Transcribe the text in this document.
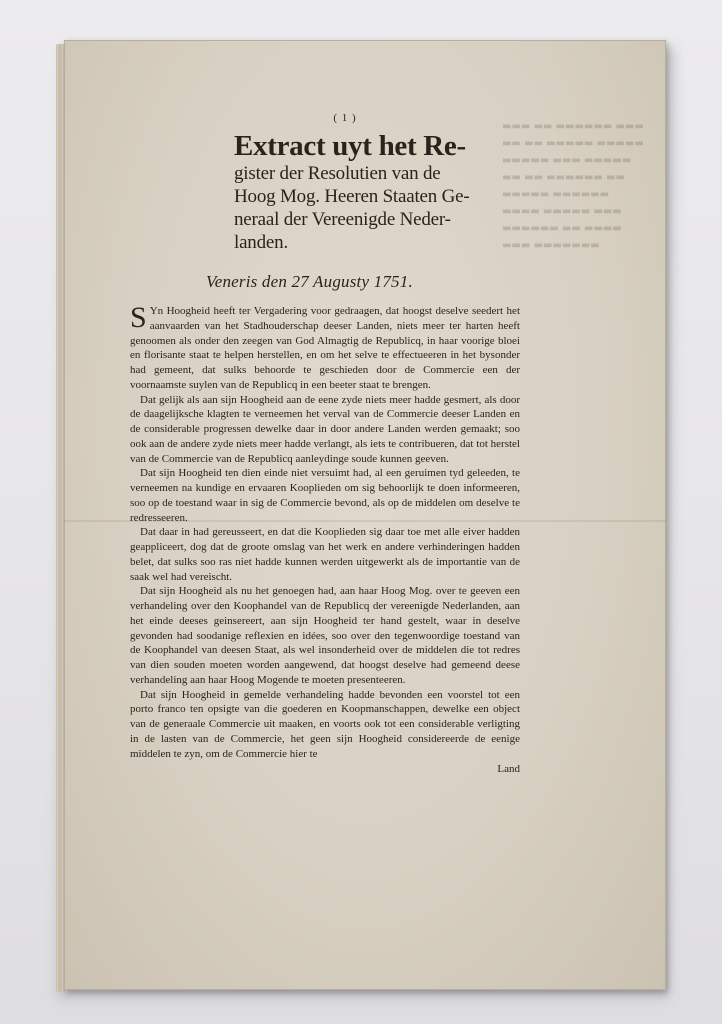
▬▬▬ ▬▬▬▬▬▬ ▬▬ ▬▬▬
▬▬▬▬▬ ▬▬▬▬▬ ▬▬ ▬▬
▬▬▬▬▬ ▬▬▬ ▬▬▬▬▬
▬▬ ▬▬▬▬▬▬ ▬▬ ▬▬
▬▬▬▬▬▬ ▬▬▬▬▬
▬▬▬ ▬▬▬▬▬ ▬▬▬▬
▬▬▬▬ ▬▬ ▬▬▬▬▬▬
▬▬▬▬▬▬▬ ▬▬▬
( 1 )
Extract uyt het Re-
gister der Resolutien van de
Hoog Mog. Heeren Staaten Ge-
neraal der Vereenigde Neder-
landen.
Veneris den 27 Augusty 1751.

S Yn Hoogheid heeft ter Vergadering voor gedraagen, dat hoogst deselve seedert het aanvaarden van het Stadhouderschap deeser Landen, niets meer ter harten heeft genoomen als onder den zeegen van God Almagtig de Republicq, in haar voorige bloei en florisante staat te helpen herstellen, en om het selve te effectueeren in het bysonder had gemeent, dat sulks behoorde te geschieden door de Commercie een der voornaamste suylen van de Republicq in een beeter staat te brengen.

Dat gelijk als aan sijn Hoogheid aan de eene zyde niets meer hadde gesmert, als door de daagelijksche klagten te verneemen het verval van de Commercie deeser Landen en de considerable progressen dewelke daar in door andere Landen werden gemaakt; soo ook aan de andere zyde niets meer hadde verlangt, als iets te contribueren, dat tot herstel van de Commercie van de Republicq aanleydinge soude kunnen geeven.

Dat sijn Hoogheid ten dien einde niet versuimt had, al een geruimen tyd geleeden, te verneemen na kundige en ervaaren Kooplieden om sig behoorlijk te doen informeeren, soo op de toestand waar in sig de Commercie bevond, als op de middelen om deselve te redresseeren.

Dat daar in had gereusseert, en dat die Kooplieden sig daar toe met alle eiver hadden geappliceert, dog dat de groote omslag van het werk en andere verhinderingen hadden belet, dat sulks soo ras niet hadde kunnen werden uitgewerkt als de importantie van de saak wel had vereischt.

Dat sijn Hoogheid als nu het genoegen had, aan haar Hoog Mog. over te geeven een verhandeling over den Koophandel van de Republicq der vereenigde Nederlanden, aan het einde deeses geinsereert, aan sijn Hoogheid ter hand gestelt, waar in deselve gevonden had soodanige reflexien en idées, soo over den tegenwoordige toestand van de Koophandel van deesen Staat, als wel insonderheid over de middelen die tot redres van dien souden moeten worden aangewend, dat hoogst deselve had gemeend deese verhandeling aan haar Hoog Mogende te moeten presenteeren.

Dat sijn Hoogheid in gemelde verhandeling hadde bevonden een voorstel tot een porto franco ten opsigte van die goederen en Koopmanschappen, dewelke een object van de generaale Commercie uit maaken, en voorts ook tot een considerable verligting in de lasten van de Commercie, het geen sijn Hoogheid considereerde de eenige middelen te zyn, om de Commercie hier te

Land
